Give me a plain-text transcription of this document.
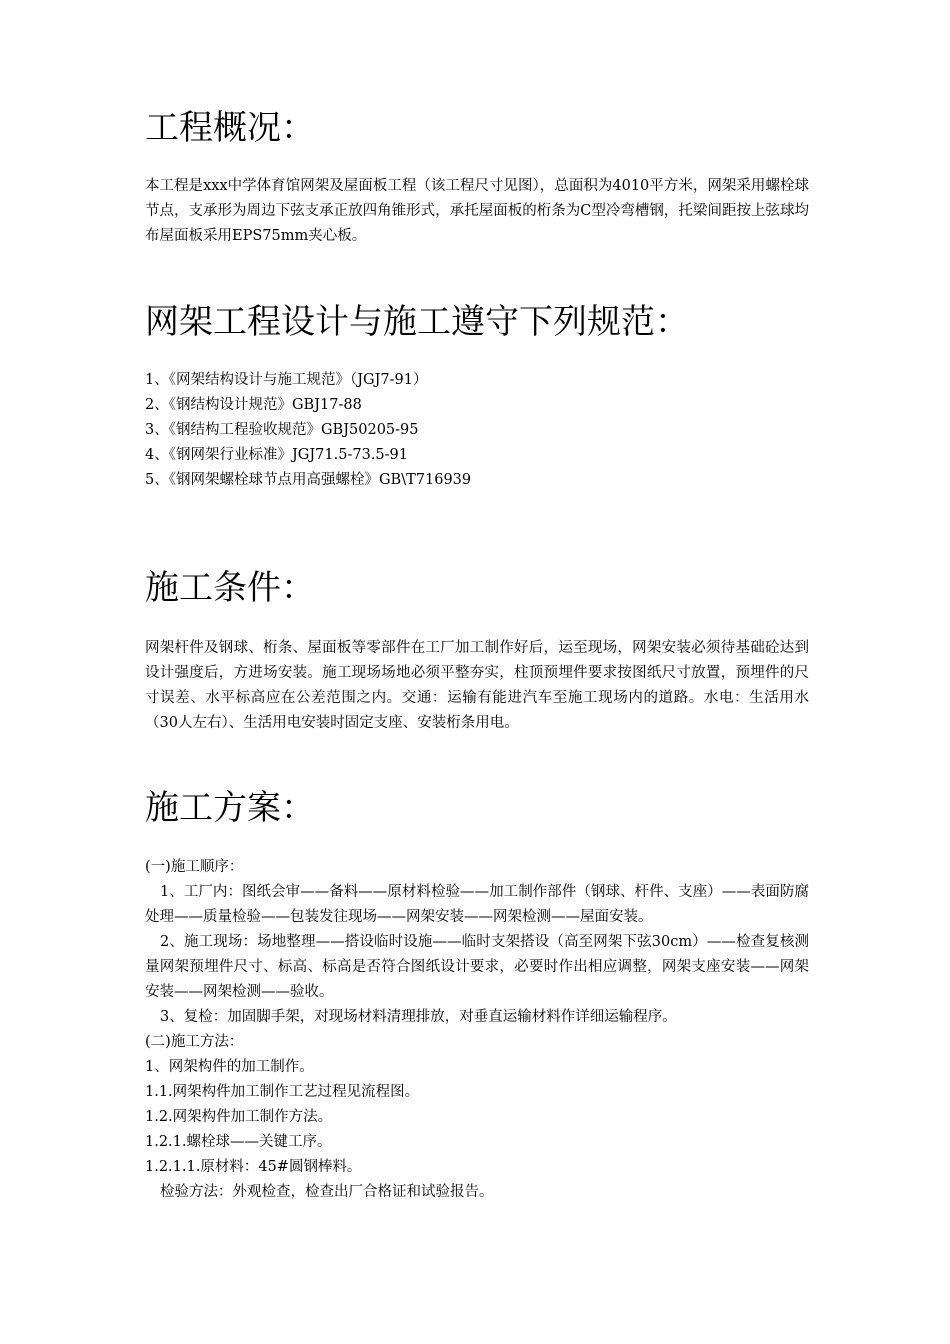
工程概况：

本工程是xxx中学体育馆网架及屋面板工程（该工程尺寸见图），总面积为4010平方米，网架采用螺栓球节点，支承形为周边下弦支承正放四角锥形式，承托屋面板的桁条为C型冷弯槽钢，托梁间距按上弦球均布屋面板采用EPS75mm夹心板。

网架工程设计与施工遵守下列规范：

1、《网架结构设计与施工规范》（JGJ7-91）

2、《钢结构设计规范》GBJ17-88

3、《钢结构工程验收规范》GBJ50205-95

4、《钢网架行业标准》JGJ71.5-73.5-91

5、《钢网架螺栓球节点用高强螺栓》GB\T716939

施工条件：

网架杆件及钢球、桁条、屋面板等零部件在工厂加工制作好后，运至现场，网架安装必须待基础砼达到设计强度后，方进场安装。施工现场场地必须平整夯实，柱顶预埋件要求按图纸尺寸放置，预埋件的尺寸误差、水平标高应在公差范围之内。交通：运输有能进汽车至施工现场内的道路。水电：生活用水（30人左右）、生活用电安装时固定支座、安装桁条用电。

施工方案：

(一)施工顺序：

1、工厂内：图纸会审——备料——原材料检验——加工制作部件（钢球、杆件、支座）——表面防腐处理——质量检验——包装发往现场——网架安装——网架检测——屋面安装。

2、施工现场：场地整理——搭设临时设施——临时支架搭设（高至网架下弦30cm）——检查复核测量网架预埋件尺寸、标高、标高是否符合图纸设计要求，必要时作出相应调整，网架支座安装——网架安装——网架检测——验收。

3、复检：加固脚手架，对现场材料清理排放，对垂直运输材料作详细运输程序。

(二)施工方法：

1、网架构件的加工制作。

1.1.网架构件加工制作工艺过程见流程图。

1.2.网架构件加工制作方法。

1.2.1.螺栓球——关键工序。

1.2.1.1.原材料：45#圆钢棒料。

检验方法：外观检查，检查出厂合格证和试验报告。
